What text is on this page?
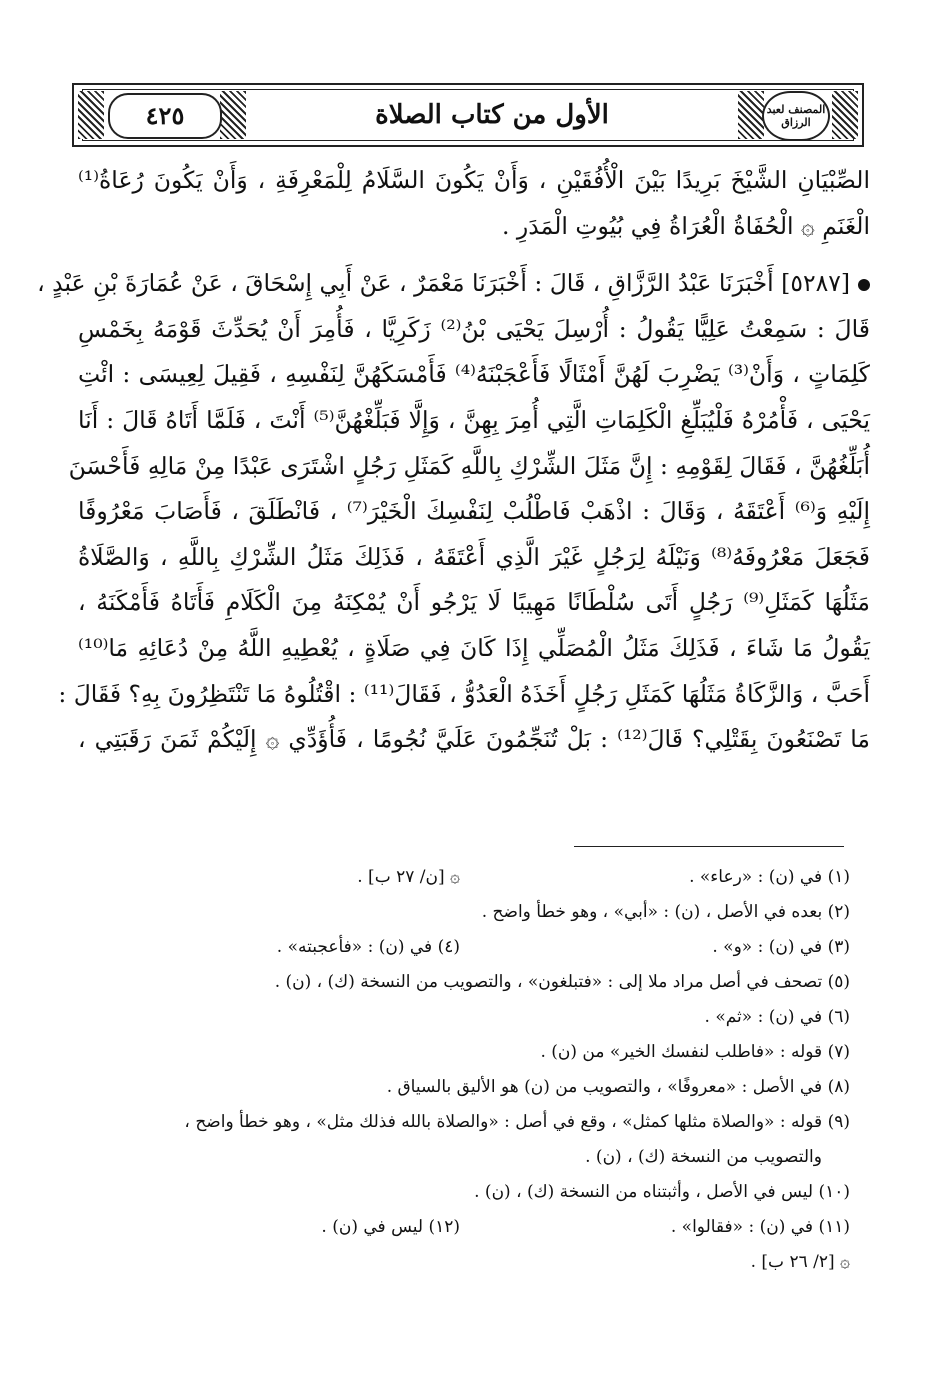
٤٢٥	الأول من كتاب الصلاة	المصنف لعبد الرزاق
الصِّبْيَانِ الشَّيْخَ بَرِيدًا بَيْنَ الْأُفُقَيْنِ ، وَأَنْ يَكُونَ السَّلَامُ لِلْمَعْرِفَةِ ، وَأَنْ يَكُونَ رُعَاةُ⁽¹⁾
الْغَنَمِ ۞ الْحُفَاةُ الْعُرَاةُ فِي بُيُوتِ الْمَدَرِ .
[٥٢٨٧] أَخْبَرَنَا عَبْدُ الرَّزَّاقِ ، قَالَ : أَخْبَرَنَا مَعْمَرٌ ، عَنْ أَبِي إِسْحَاقَ ، عَنْ عُمَارَةَ بْنِ عَبْدٍ ،
قَالَ : سَمِعْتُ عَلِيًّا يَقُولُ : أُرْسِلَ يَحْيَى بْنُ⁽²⁾ زَكَرِيَّا ، فَأُمِرَ أَنْ يُحَدِّثَ قَوْمَهُ بِخَمْسِ
كَلِمَاتٍ ، وَأَنْ⁽³⁾ يَضْرِبَ لَهُنَّ أَمْثَالًا فَأَعْجَبْنَهُ⁽⁴⁾ فَأَمْسَكَهُنَّ لِنَفْسِهِ ، فَقِيلَ لِعِيسَى : ائْتِ
يَحْيَى ، فَأْمُرْهُ فَلْيُبَلِّغِ الْكَلِمَاتِ الَّتِي أُمِرَ بِهِنَّ ، وَإِلَّا فَبَلِّغْهُنَّ⁽⁵⁾ أَنْتَ ، فَلَمَّا أَتَاهُ قَالَ : أَنَا
أُبَلِّغُهُنَّ ، فَقَالَ لِقَوْمِهِ : إِنَّ مَثَلَ الشِّرْكِ بِاللَّهِ كَمَثَلِ رَجُلٍ اشْتَرَى عَبْدًا مِنْ مَالِهِ فَأَحْسَنَ
إِلَيْهِ وَ⁽⁶⁾ أَعْتَقَهُ ، وَقَالَ : اذْهَبْ فَاطْلُبْ لِنَفْسِكَ الْخَيْرَ⁽⁷⁾ ، فَانْطَلَقَ ، فَأَصَابَ مَعْرُوفًا
فَجَعَلَ مَعْرُوفَهُ⁽⁸⁾ وَنَيْلَهُ لِرَجُلٍ غَيْرَ الَّذِي أَعْتَقَهُ ، فَذَلِكَ مَثَلُ الشِّرْكِ بِاللَّهِ ، وَالصَّلَاةُ
مَثَلُهَا كَمَثَلِ⁽⁹⁾ رَجُلٍ أَتَى سُلْطَانًا مَهِيبًا لَا يَرْجُو أَنْ يُمْكِنَهُ مِنَ الْكَلَامِ فَأَتَاهُ فَأَمْكَنَهُ ،
يَقُولُ مَا شَاءَ ، فَذَلِكَ مَثَلُ الْمُصَلِّي إِذَا كَانَ فِي صَلَاةٍ ، يُعْطِيهِ اللَّهُ مِنْ دُعَائِهِ مَا⁽¹⁰⁾
أَحَبَّ ، وَالزَّكَاةُ مَثَلُهَا كَمَثَلِ رَجُلٍ أَخَذَهُ الْعَدُوُّ ، فَقَالَ⁽¹¹⁾ : اقْتُلُوهُ مَا تَنْتَظِرُونَ بِهِ؟ فَقَالَ :
مَا تَصْنَعُونَ بِقَتْلِي؟ قَالَ⁽¹²⁾ : بَلْ تُنَجِّمُونَ عَلَيَّ نُجُومًا ، فَأُؤَدِّي ۞ إِلَيْكُمْ ثَمَنَ رَقَبَتِي ،
(١) في (ن) : «رعاء» .
۞ [ن/ ٢٧ ب] .
(٢) بعده في الأصل ، (ن) : «أبي» ، وهو خطأ واضح .
(٣) في (ن) : «و» .
(٤) في (ن) : «فأعجبته» .
(٥) تصحف في أصل مراد ملا إلى : «فتبلغون» ، والتصويب من النسخة (ك) ، (ن) .
(٦) في (ن) : «ثم» .
(٧) قوله : «فاطلب لنفسك الخير» من (ن) .
(٨) في الأصل : «معروفًا» ، والتصويب من (ن) هو الأليق بالسياق .
(٩) قوله : «والصلاة مثلها كمثل» ، وقع في أصل : «والصلاة بالله فذلك مثل» ، وهو خطأ واضح ،
والتصويب من النسخة (ك) ، (ن) .
(١٠) ليس في الأصل ، وأثبتناه من النسخة (ك) ، (ن) .
(١١) في (ن) : «فقالوا» .
(١٢) ليس في (ن) .
۞ [٢/ ٢٦ ب] .
